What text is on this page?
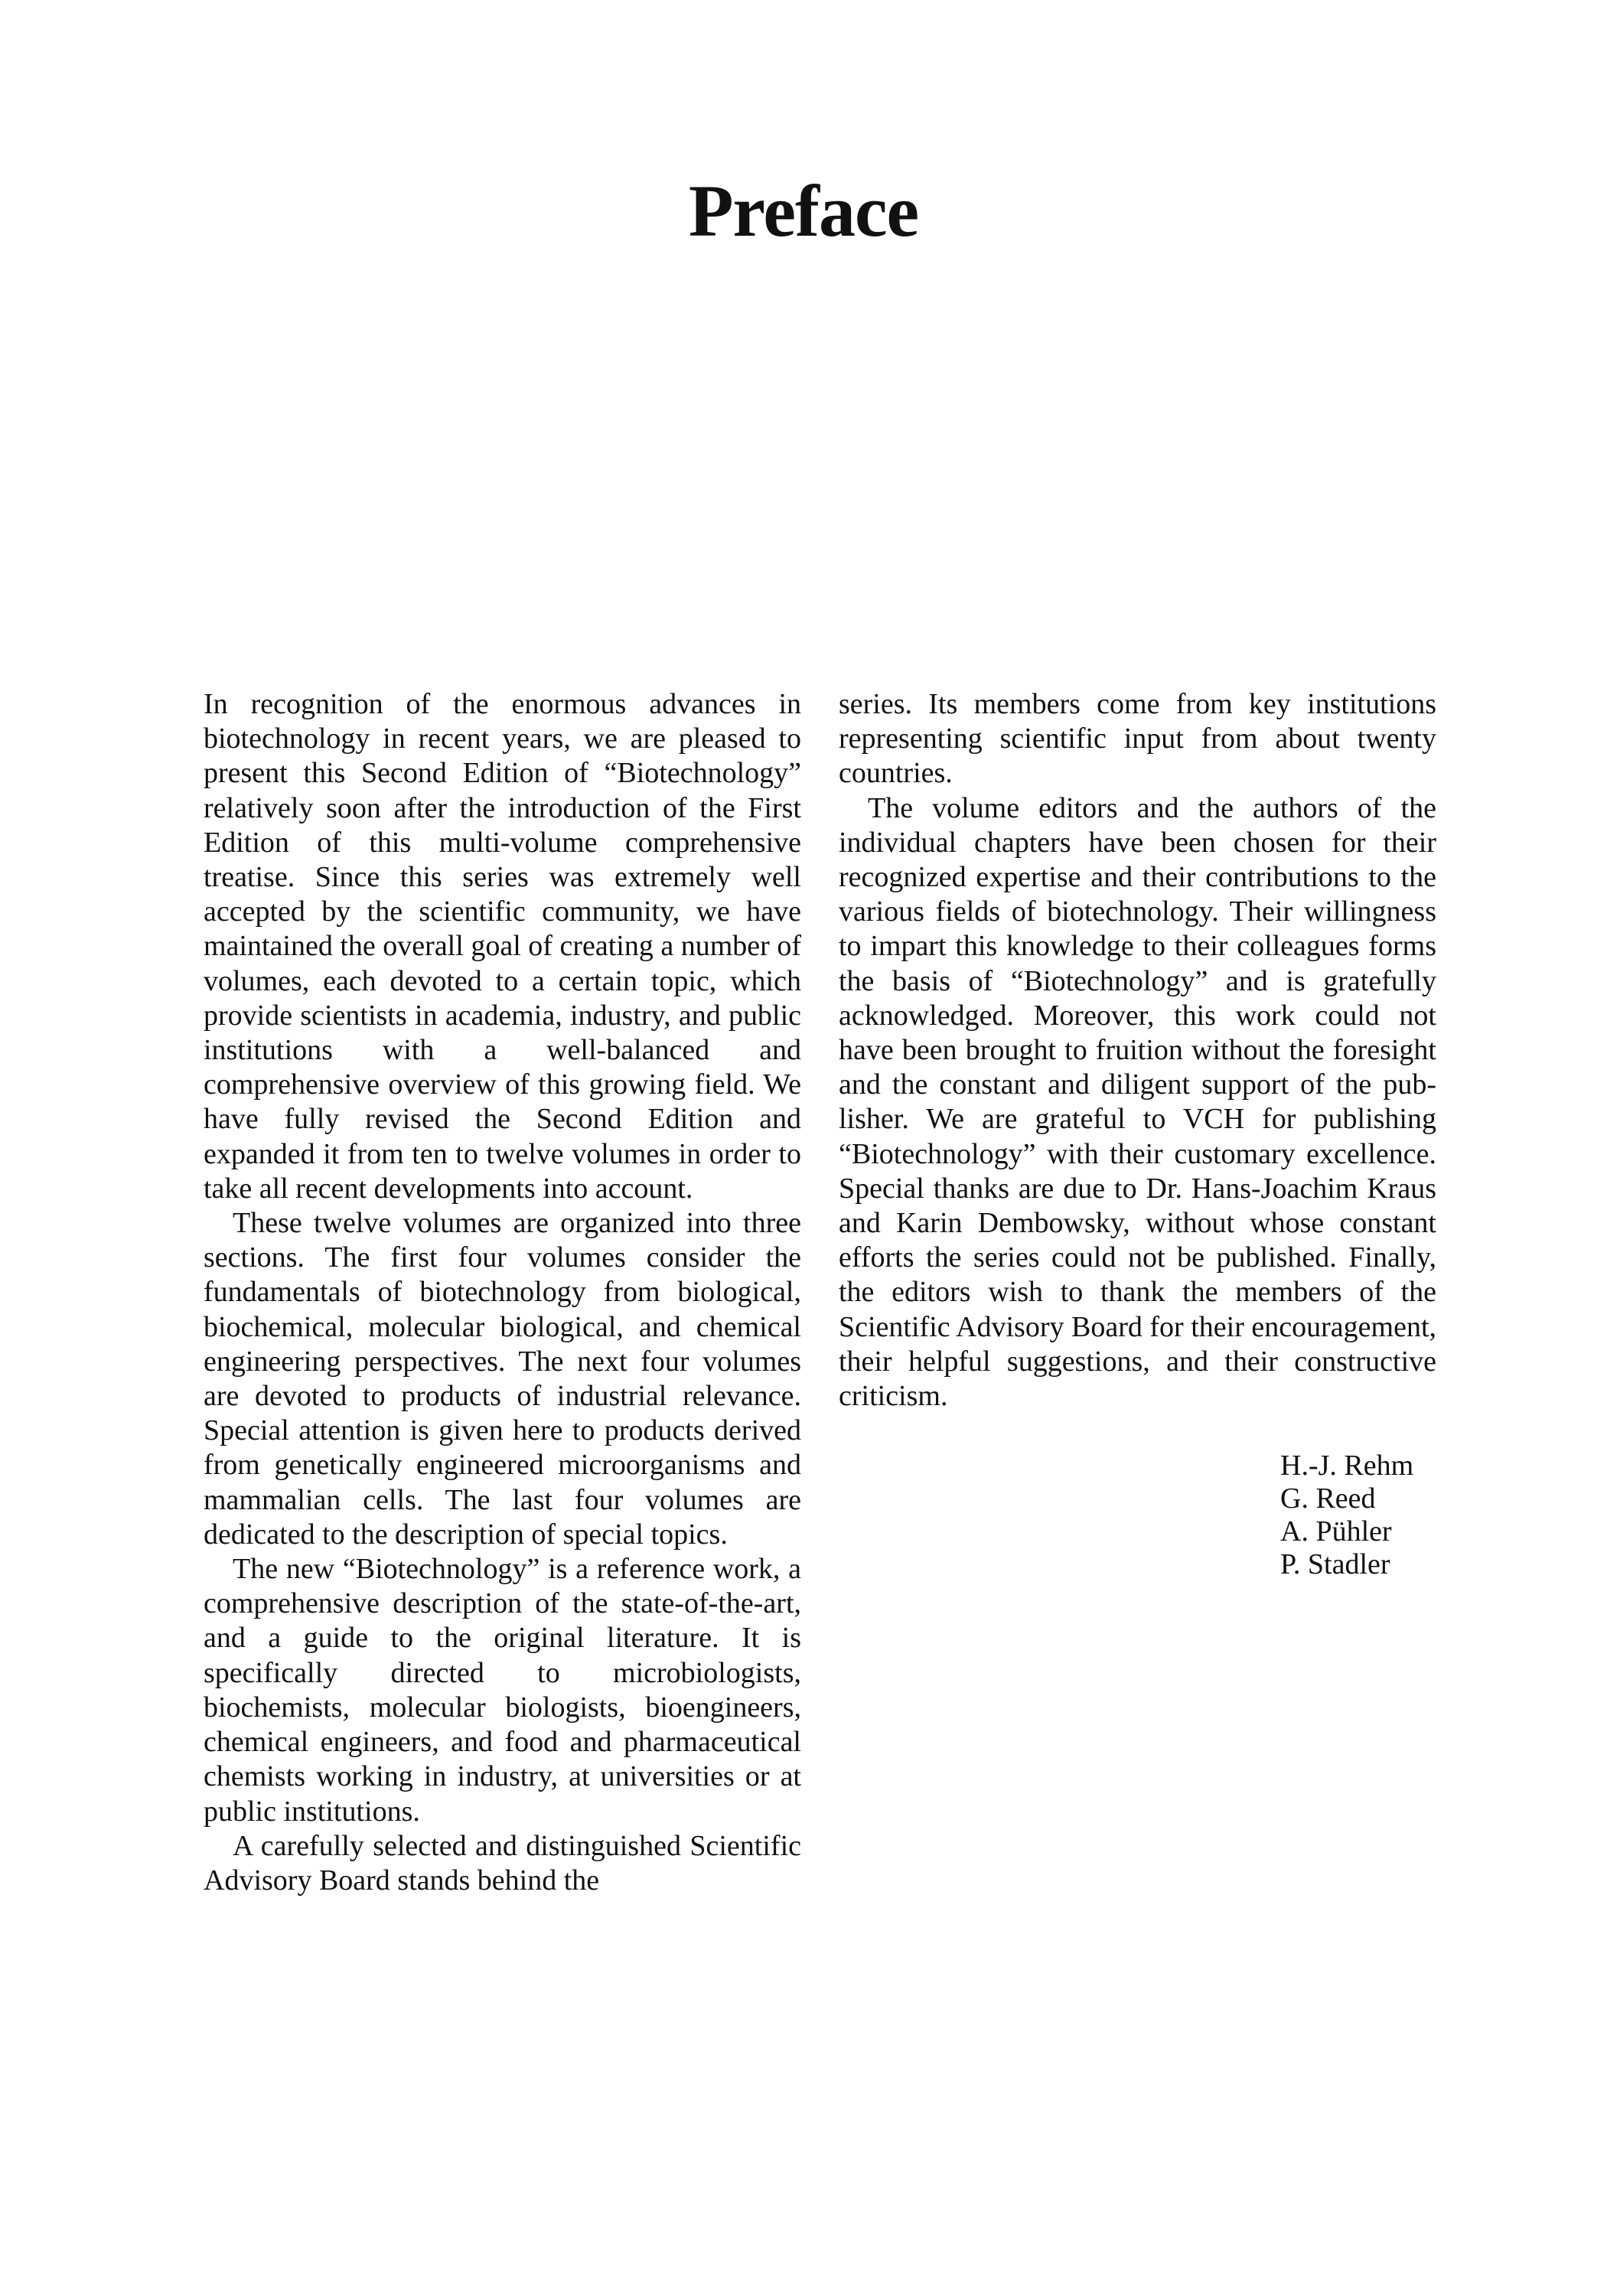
Preface

In recognition of the enormous advances in biotechnology in recent years, we are pleased to present this Second Edition of “Biotechnology” relatively soon after the introduction of the First Edition of this multi-volume comprehensive treatise. Since this series was extremely well accepted by the scientific community, we have maintained the overall goal of creating a number of volumes, each devoted to a certain topic, which provide scientists in academia, industry, and public institutions with a well-balanced and comprehensive overview of this growing field. We have fully revised the Second Edition and expanded it from ten to twelve volumes in order to take all recent developments into account.

These twelve volumes are organized into three sections. The first four volumes consider the fundamentals of biotechnology from biological, biochemical, molecular biological, and chemical engineering perspectives. The next four volumes are devoted to products of industrial relevance. Special attention is given here to products derived from genetically engineered microorganisms and mammalian cells. The last four volumes are dedicated to the description of special topics.

The new “Biotechnology” is a reference work, a comprehensive description of the state-of-the-art, and a guide to the original literature. It is specifically directed to microbiologists, biochemists, molecular biologists, bioengineers, chemical engineers, and food and pharmaceutical chemists working in industry, at universities or at public institutions.

A carefully selected and distinguished Scientific Advisory Board stands behind the

series. Its members come from key institutions representing scientific input from about twenty countries.

The volume editors and the authors of the individual chapters have been chosen for their recognized expertise and their contributions to the various fields of biotechnology. Their willingness to impart this knowledge to their colleagues forms the basis of “Biotechnology” and is gratefully acknowledged. Moreover, this work could not have been brought to fruition without the foresight and the constant and diligent support of the publisher. We are grateful to VCH for publishing “Biotechnology” with their customary excellence. Special thanks are due to Dr. Hans-Joachim Kraus and Karin Dembowsky, without whose constant efforts the series could not be published. Finally, the editors wish to thank the members of the Scientific Advisory Board for their encouragement, their helpful suggestions, and their constructive criticism.

H.-J. Rehm
G. Reed
A. Pühler
P. Stadler
